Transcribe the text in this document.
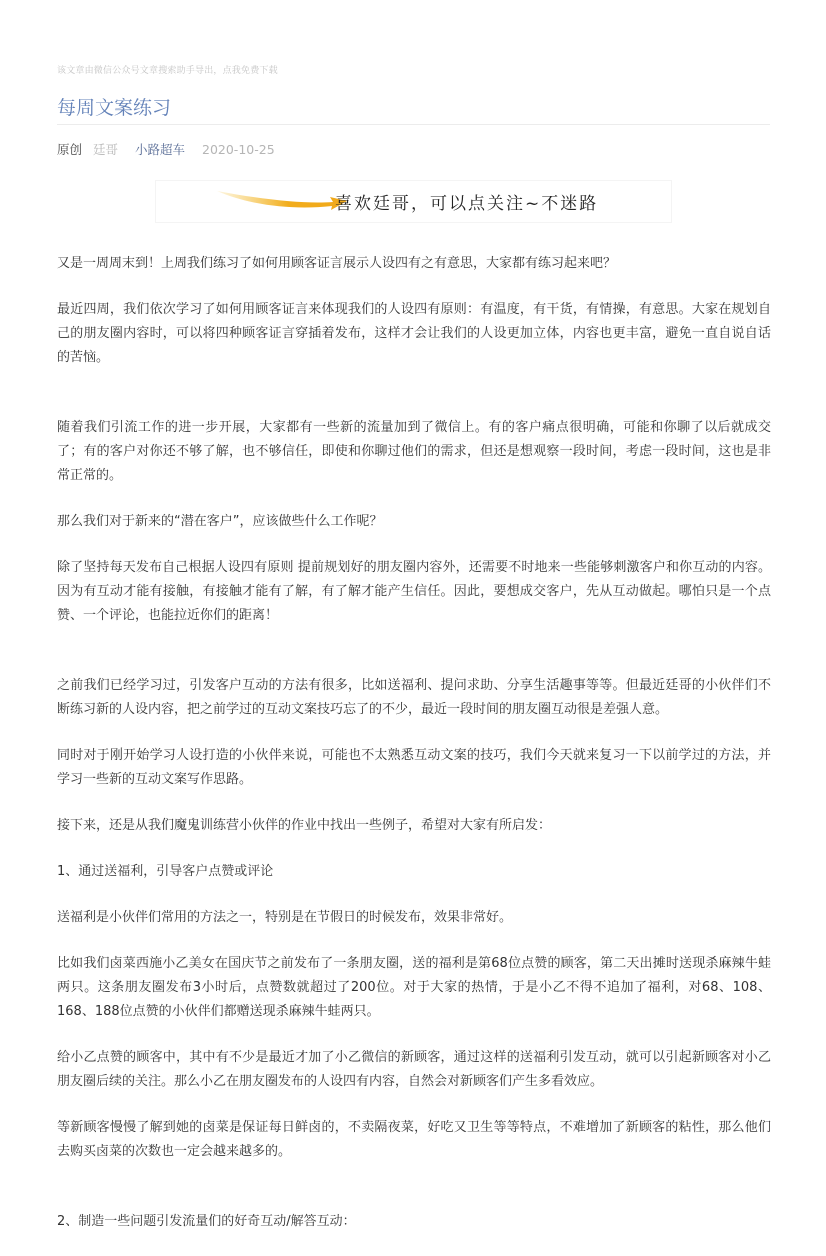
该文章由微信公众号文章搜索助手导出，点我免费下载
每周文案练习
原创 廷哥 小路超车 2020-10-25
喜欢廷哥，可以点关注~不迷路

又是一周周末到！上周我们练习了如何用顾客证言展示人设四有之有意思，大家都有练习起来吧？

最近四周，我们依次学习了如何用顾客证言来体现我们的人设四有原则：有温度，有干货，有情操，有意思。大家在规划自己的朋友圈内容时，可以将四种顾客证言穿插着发布，这样才会让我们的人设更加立体，内容也更丰富，避免一直自说自话的苦恼。

随着我们引流工作的进一步开展，大家都有一些新的流量加到了微信上。有的客户痛点很明确，可能和你聊了以后就成交了；有的客户对你还不够了解，也不够信任，即使和你聊过他们的需求，但还是想观察一段时间，考虑一段时间，这也是非常正常的。

那么我们对于新来的“潜在客户”，应该做些什么工作呢？

除了坚持每天发布自己根据人设四有原则 提前规划好的朋友圈内容外，还需要不时地来一些能够刺激客户和你互动的内容。因为有互动才能有接触，有接触才能有了解，有了解才能产生信任。因此，要想成交客户，先从互动做起。哪怕只是一个点赞、一个评论，也能拉近你们的距离！

之前我们已经学习过，引发客户互动的方法有很多，比如送福利、提问求助、分享生活趣事等等。但最近廷哥的小伙伴们不断练习新的人设内容，把之前学过的互动文案技巧忘了的不少，最近一段时间的朋友圈互动很是差强人意。

同时对于刚开始学习人设打造的小伙伴来说，可能也不太熟悉互动文案的技巧，我们今天就来复习一下以前学过的方法，并学习一些新的互动文案写作思路。

接下来，还是从我们魔鬼训练营小伙伴的作业中找出一些例子，希望对大家有所启发：

1、通过送福利，引导客户点赞或评论

送福利是小伙伴们常用的方法之一，特别是在节假日的时候发布，效果非常好。

比如我们卤菜西施小乙美女在国庆节之前发布了一条朋友圈，送的福利是第68位点赞的顾客，第二天出摊时送现杀麻辣牛蛙两只。这条朋友圈发布3小时后，点赞数就超过了200位。对于大家的热情，于是小乙不得不追加了福利，对68、108、168、188位点赞的小伙伴们都赠送现杀麻辣牛蛙两只。

给小乙点赞的顾客中，其中有不少是最近才加了小乙微信的新顾客，通过这样的送福利引发互动，就可以引起新顾客对小乙朋友圈后续的关注。那么小乙在朋友圈发布的人设四有内容，自然会对新顾客们产生多看效应。

等新顾客慢慢了解到她的卤菜是保证每日鲜卤的，不卖隔夜菜，好吃又卫生等等特点，不难增加了新顾客的粘性，那么他们去购买卤菜的次数也一定会越来越多的。

2、制造一些问题引发流量们的好奇互动/解答互动：
